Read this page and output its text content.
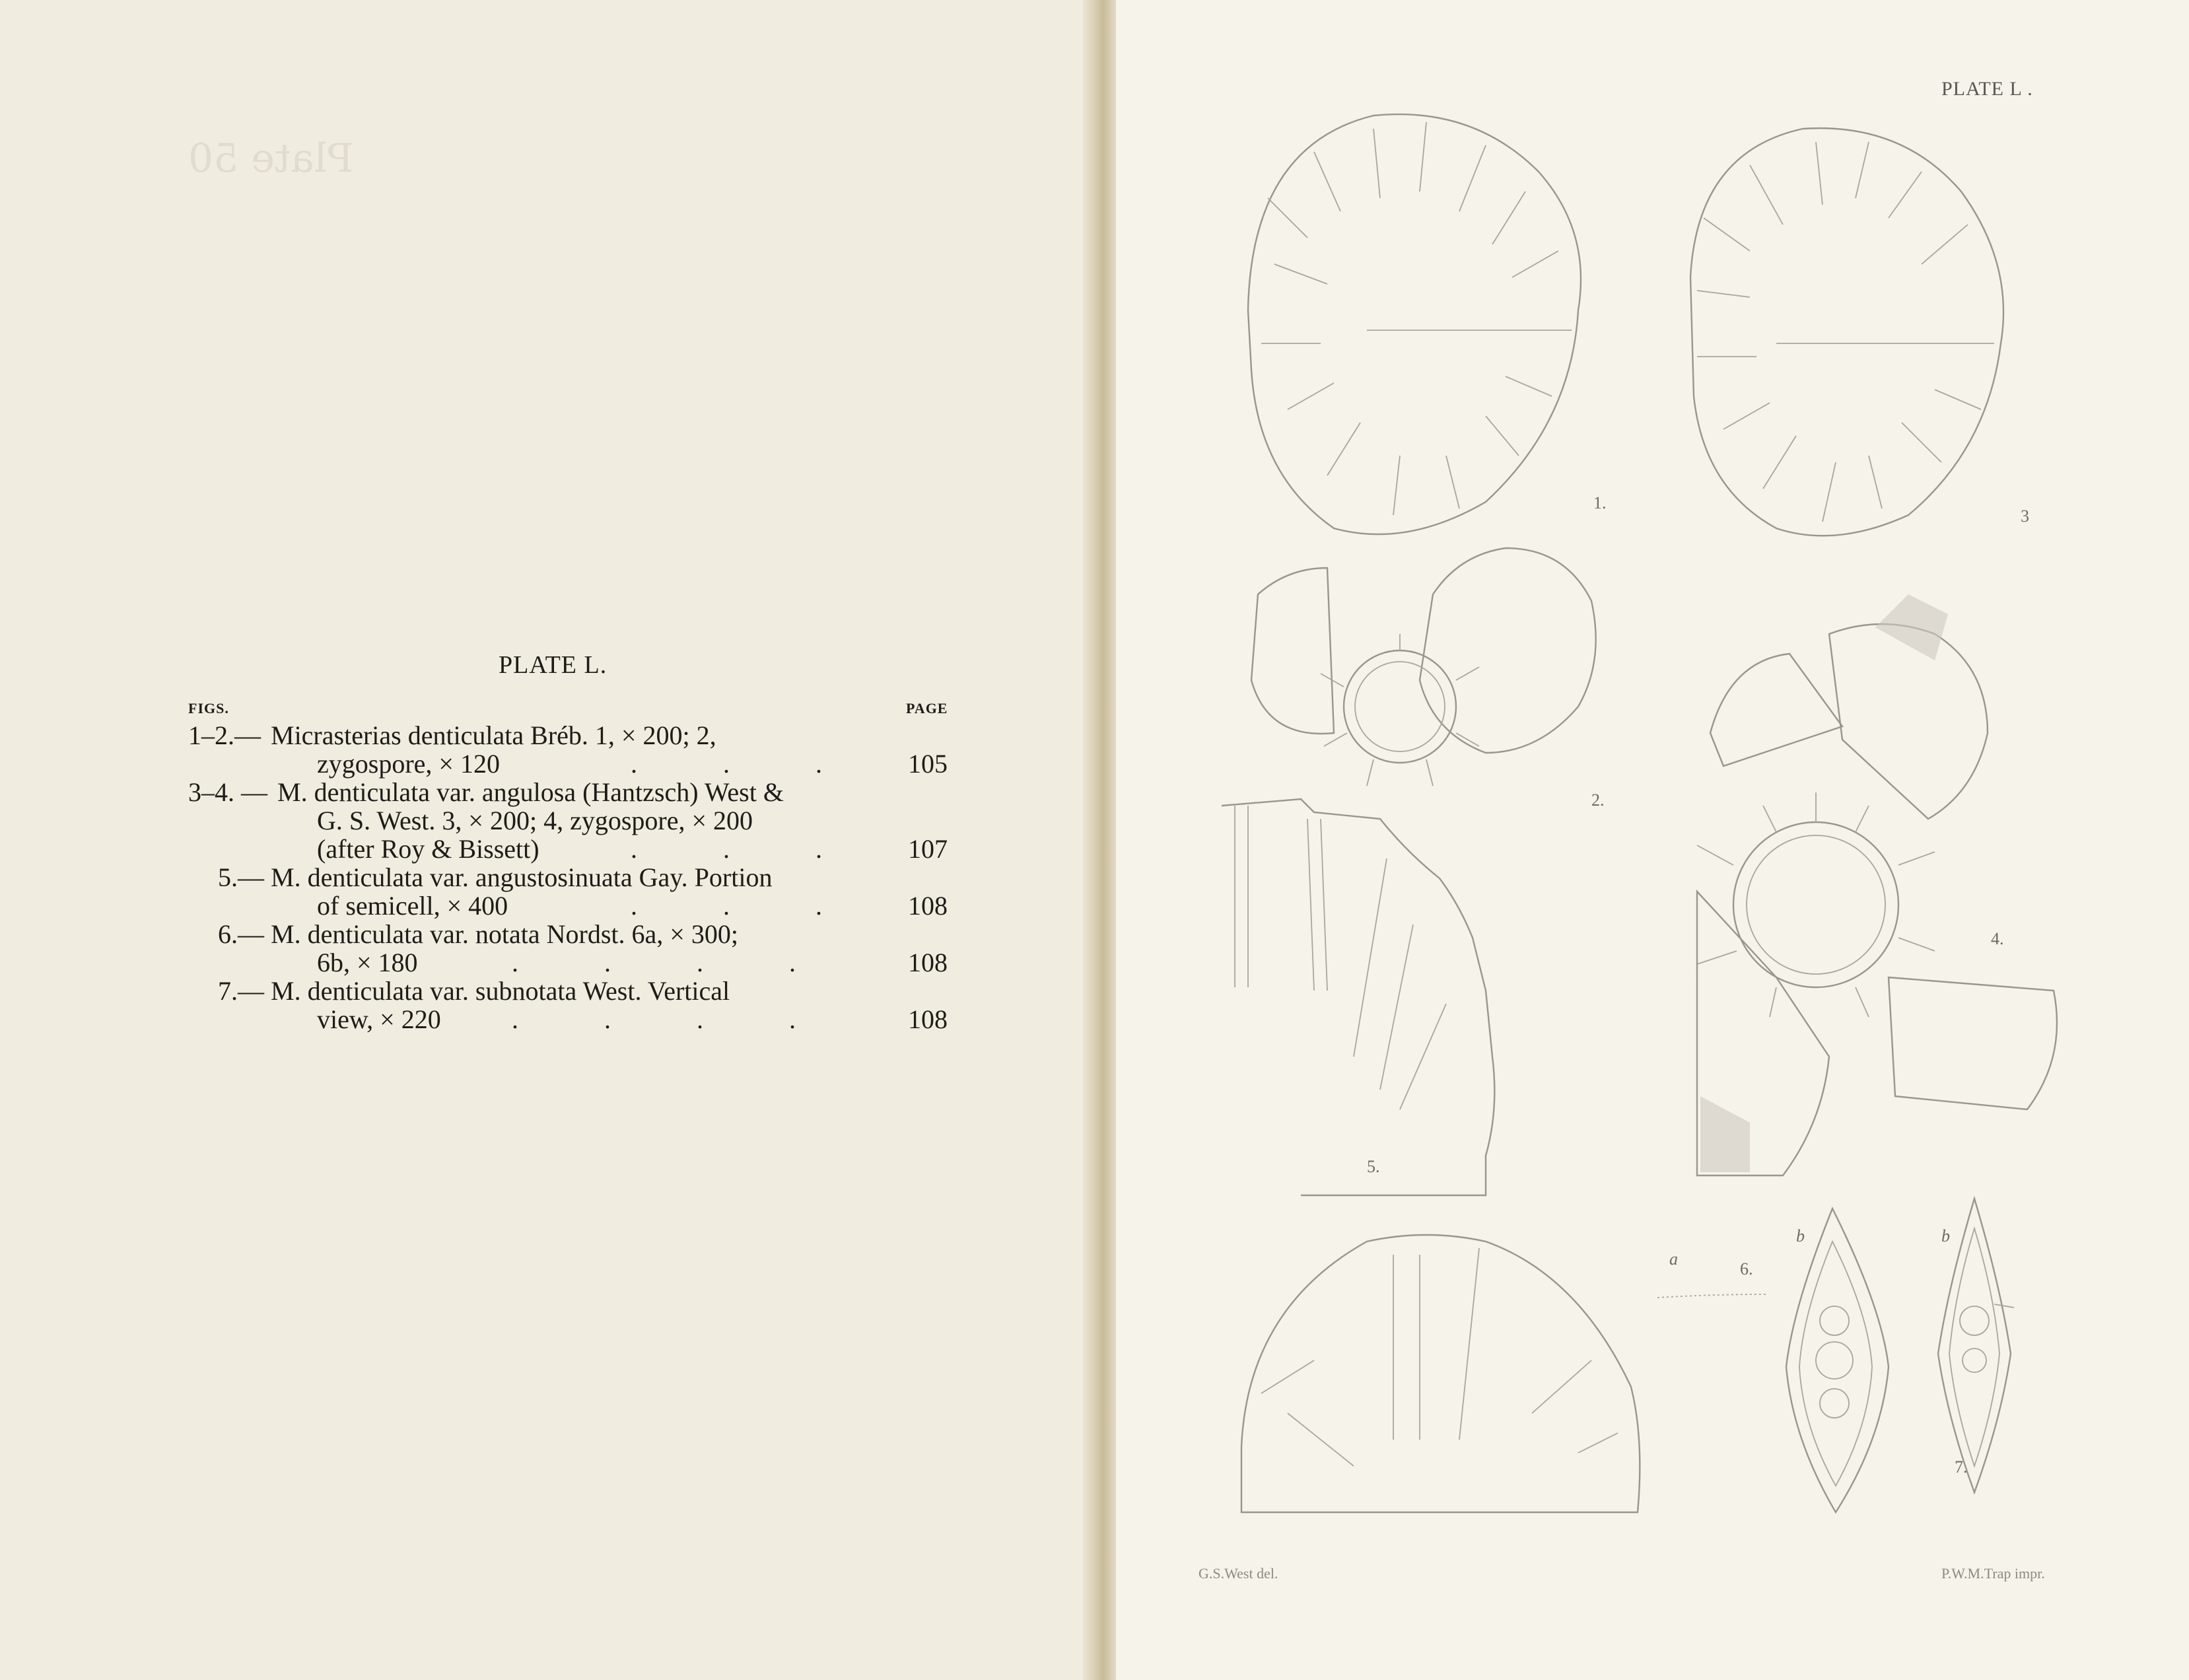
Plate 50
PLATE L.
FIGS.	PAGE
1–2.— Micrasterias denticulata Bréb. 1, × 200; 2,
zygospore, × 120	. . . 105
3–4. — M. denticulata var. angulosa (Hantzsch) West &
G. S. West. 3, × 200; 4, zygospore, × 200
(after Roy & Bissett)	. . . 107
5.— M. denticulata var. angustosinuata Gay. Portion
of semicell, × 400	. . . 108
6.— M. denticulata var. notata Nordst. 6a, × 300;
6b, × 180	. . . .	108
7.— M. denticulata var. subnotata West. Vertical
view, × 220	. . . .	108
PLATE L .
1.
2.
3
4.
5.
6.
7.
a
b	b
G.S.West del.	P.W.M.Trap impr.
